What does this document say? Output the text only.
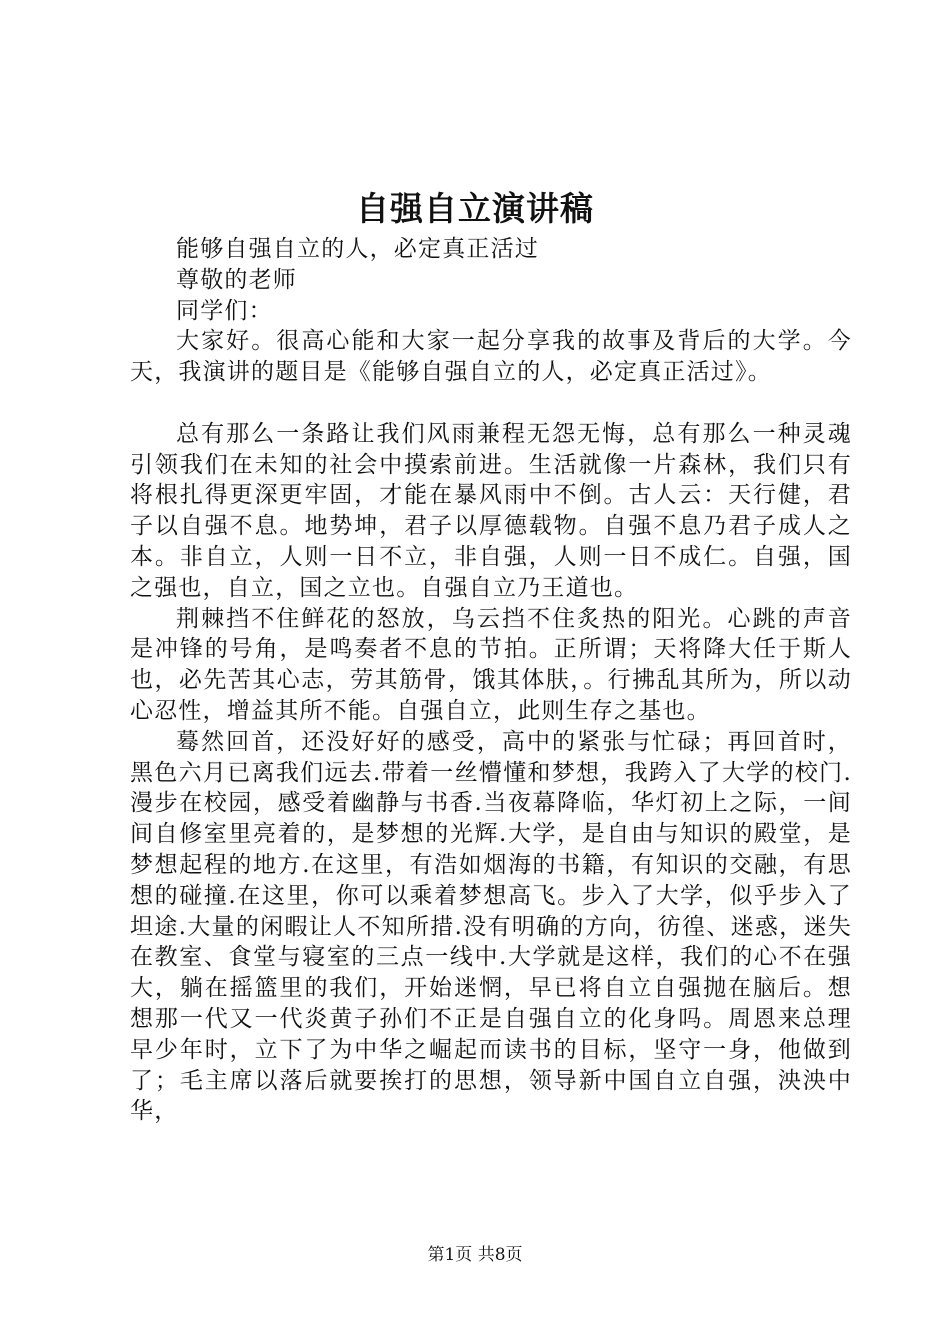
自强自立演讲稿

能够自强自立的人，必定真正活过

尊敬的老师

同学们：

大家好。很高心能和大家一起分享我的故事及背后的大学。今天，我演讲的题目是《能够自强自立的人，必定真正活过》。

总有那么一条路让我们风雨兼程无怨无悔，总有那么一种灵魂引领我们在未知的社会中摸索前进。生活就像一片森林，我们只有将根扎得更深更牢固，才能在暴风雨中不倒。古人云：天行健，君子以自强不息。地势坤，君子以厚德载物。自强不息乃君子成人之本。非自立，人则一日不立，非自强，人则一日不成仁。自强，国之强也，自立，国之立也。自强自立乃王道也。

荆棘挡不住鲜花的怒放，乌云挡不住炙热的阳光。心跳的声音是冲锋的号角，是鸣奏者不息的节拍。正所谓；天将降大任于斯人也，必先苦其心志，劳其筋骨，饿其体肤，。行拂乱其所为，所以动心忍性，增益其所不能。自强自立，此则生存之基也。

蓦然回首，还没好好的感受，高中的紧张与忙碌；再回首时，黑色六月已离我们远去.带着一丝懵懂和梦想，我跨入了大学的校门.漫步在校园，感受着幽静与书香.当夜幕降临，华灯初上之际，一间间自修室里亮着的，是梦想的光辉.大学，是自由与知识的殿堂，是梦想起程的地方.在这里，有浩如烟海的书籍，有知识的交融，有思想的碰撞.在这里，你可以乘着梦想高飞。步入了大学，似乎步入了坦途.大量的闲暇让人不知所措.没有明确的方向，彷徨、迷惑，迷失在教室、食堂与寝室的三点一线中.大学就是这样，我们的心不在强大，躺在摇篮里的我们，开始迷惘，早已将自立自强抛在脑后。想想那一代又一代炎黄子孙们不正是自强自立的化身吗。周恩来总理早少年时，立下了为中华之崛起而读书的目标，坚守一身，他做到了；毛主席以落后就要挨打的思想，领导新中国自立自强，泱泱中华，

第1页 共8页
